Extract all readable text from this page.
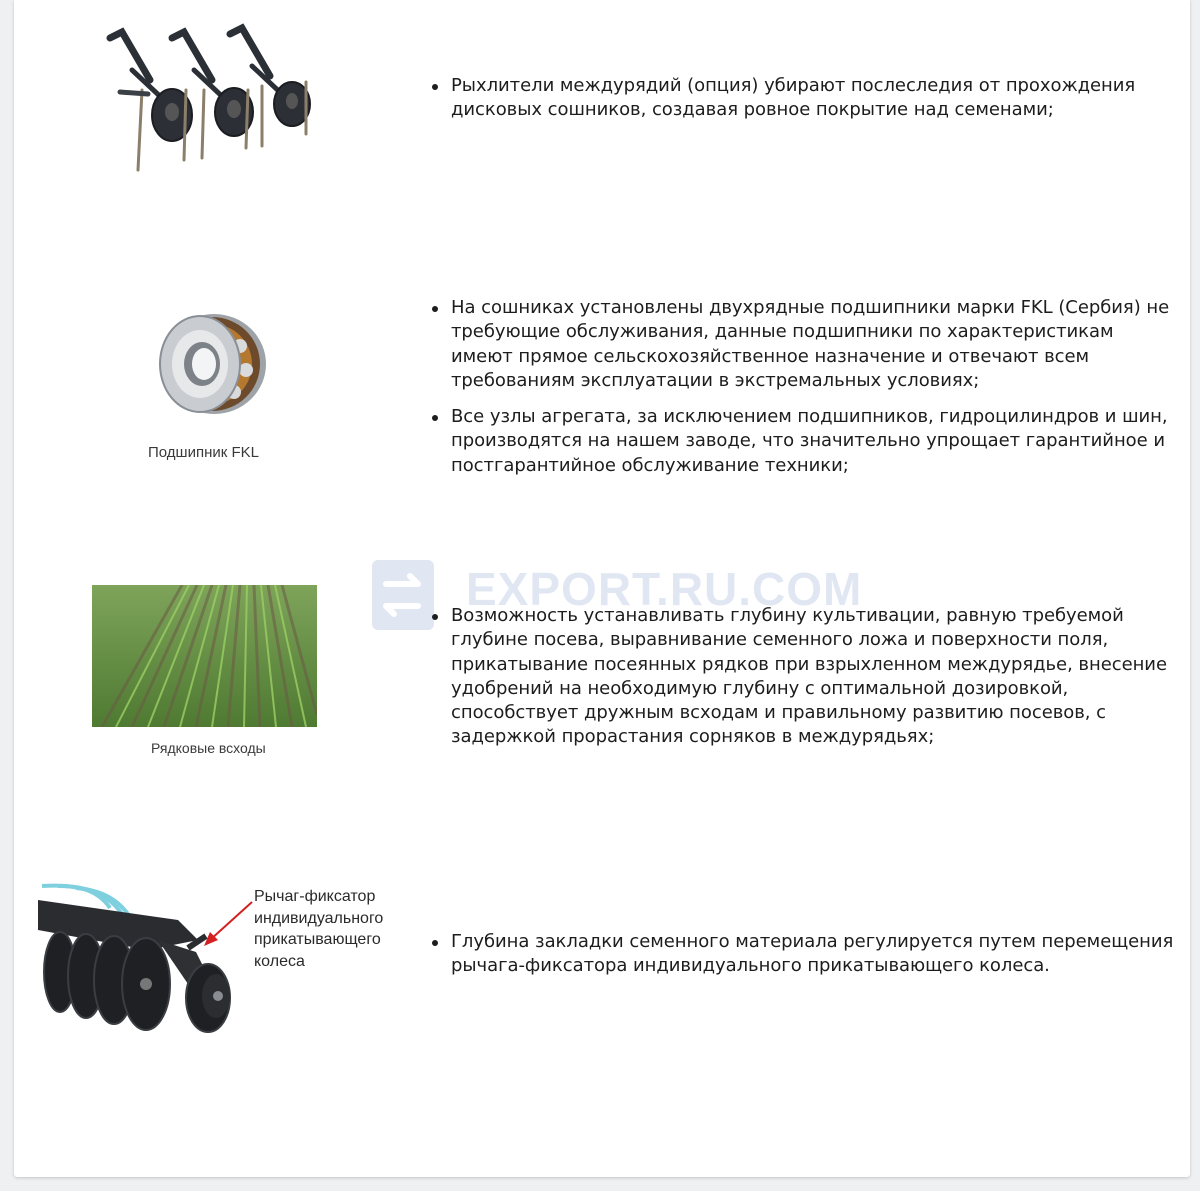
Рыхлители междурядий (опция) убирают послеследия от прохождения дисковых сошников, создавая ровное покрытие над семенами;
Подшипник FKL
На сошниках установлены двухрядные подшипники марки FKL (Сербия) не требующие обслуживания, данные подшипники по характеристикам имеют прямое сельскохозяйственное назначение и отвечают всем требованиям эксплуатации в экстремальных условиях;
Все узлы агрегата, за исключением подшипников, гидроцилиндров и шин, производятся на нашем заводе, что значительно упрощает гарантийное и постгарантийное обслуживание техники;
Рядковые всходы
Возможность устанавливать глубину культивации, равную требуемой глубине посева, выравнивание семенного ложа и поверхности поля, прикатывание посеянных рядков при взрыхленном междурядье, внесение удобрений на необходимую глубину с оптимальной дозировкой, способствует дружным всходам и правильному развитию посевов, с задержкой прорастания сорняков в междурядьях;
Рычаг-фиксатор
индивидуального
прикатывающего
колеса
Глубина закладки семенного материала регулируется путем перемещения рычага-фиксатора индивидуального прикатывающего колеса.
EXPORT.RU.COM
